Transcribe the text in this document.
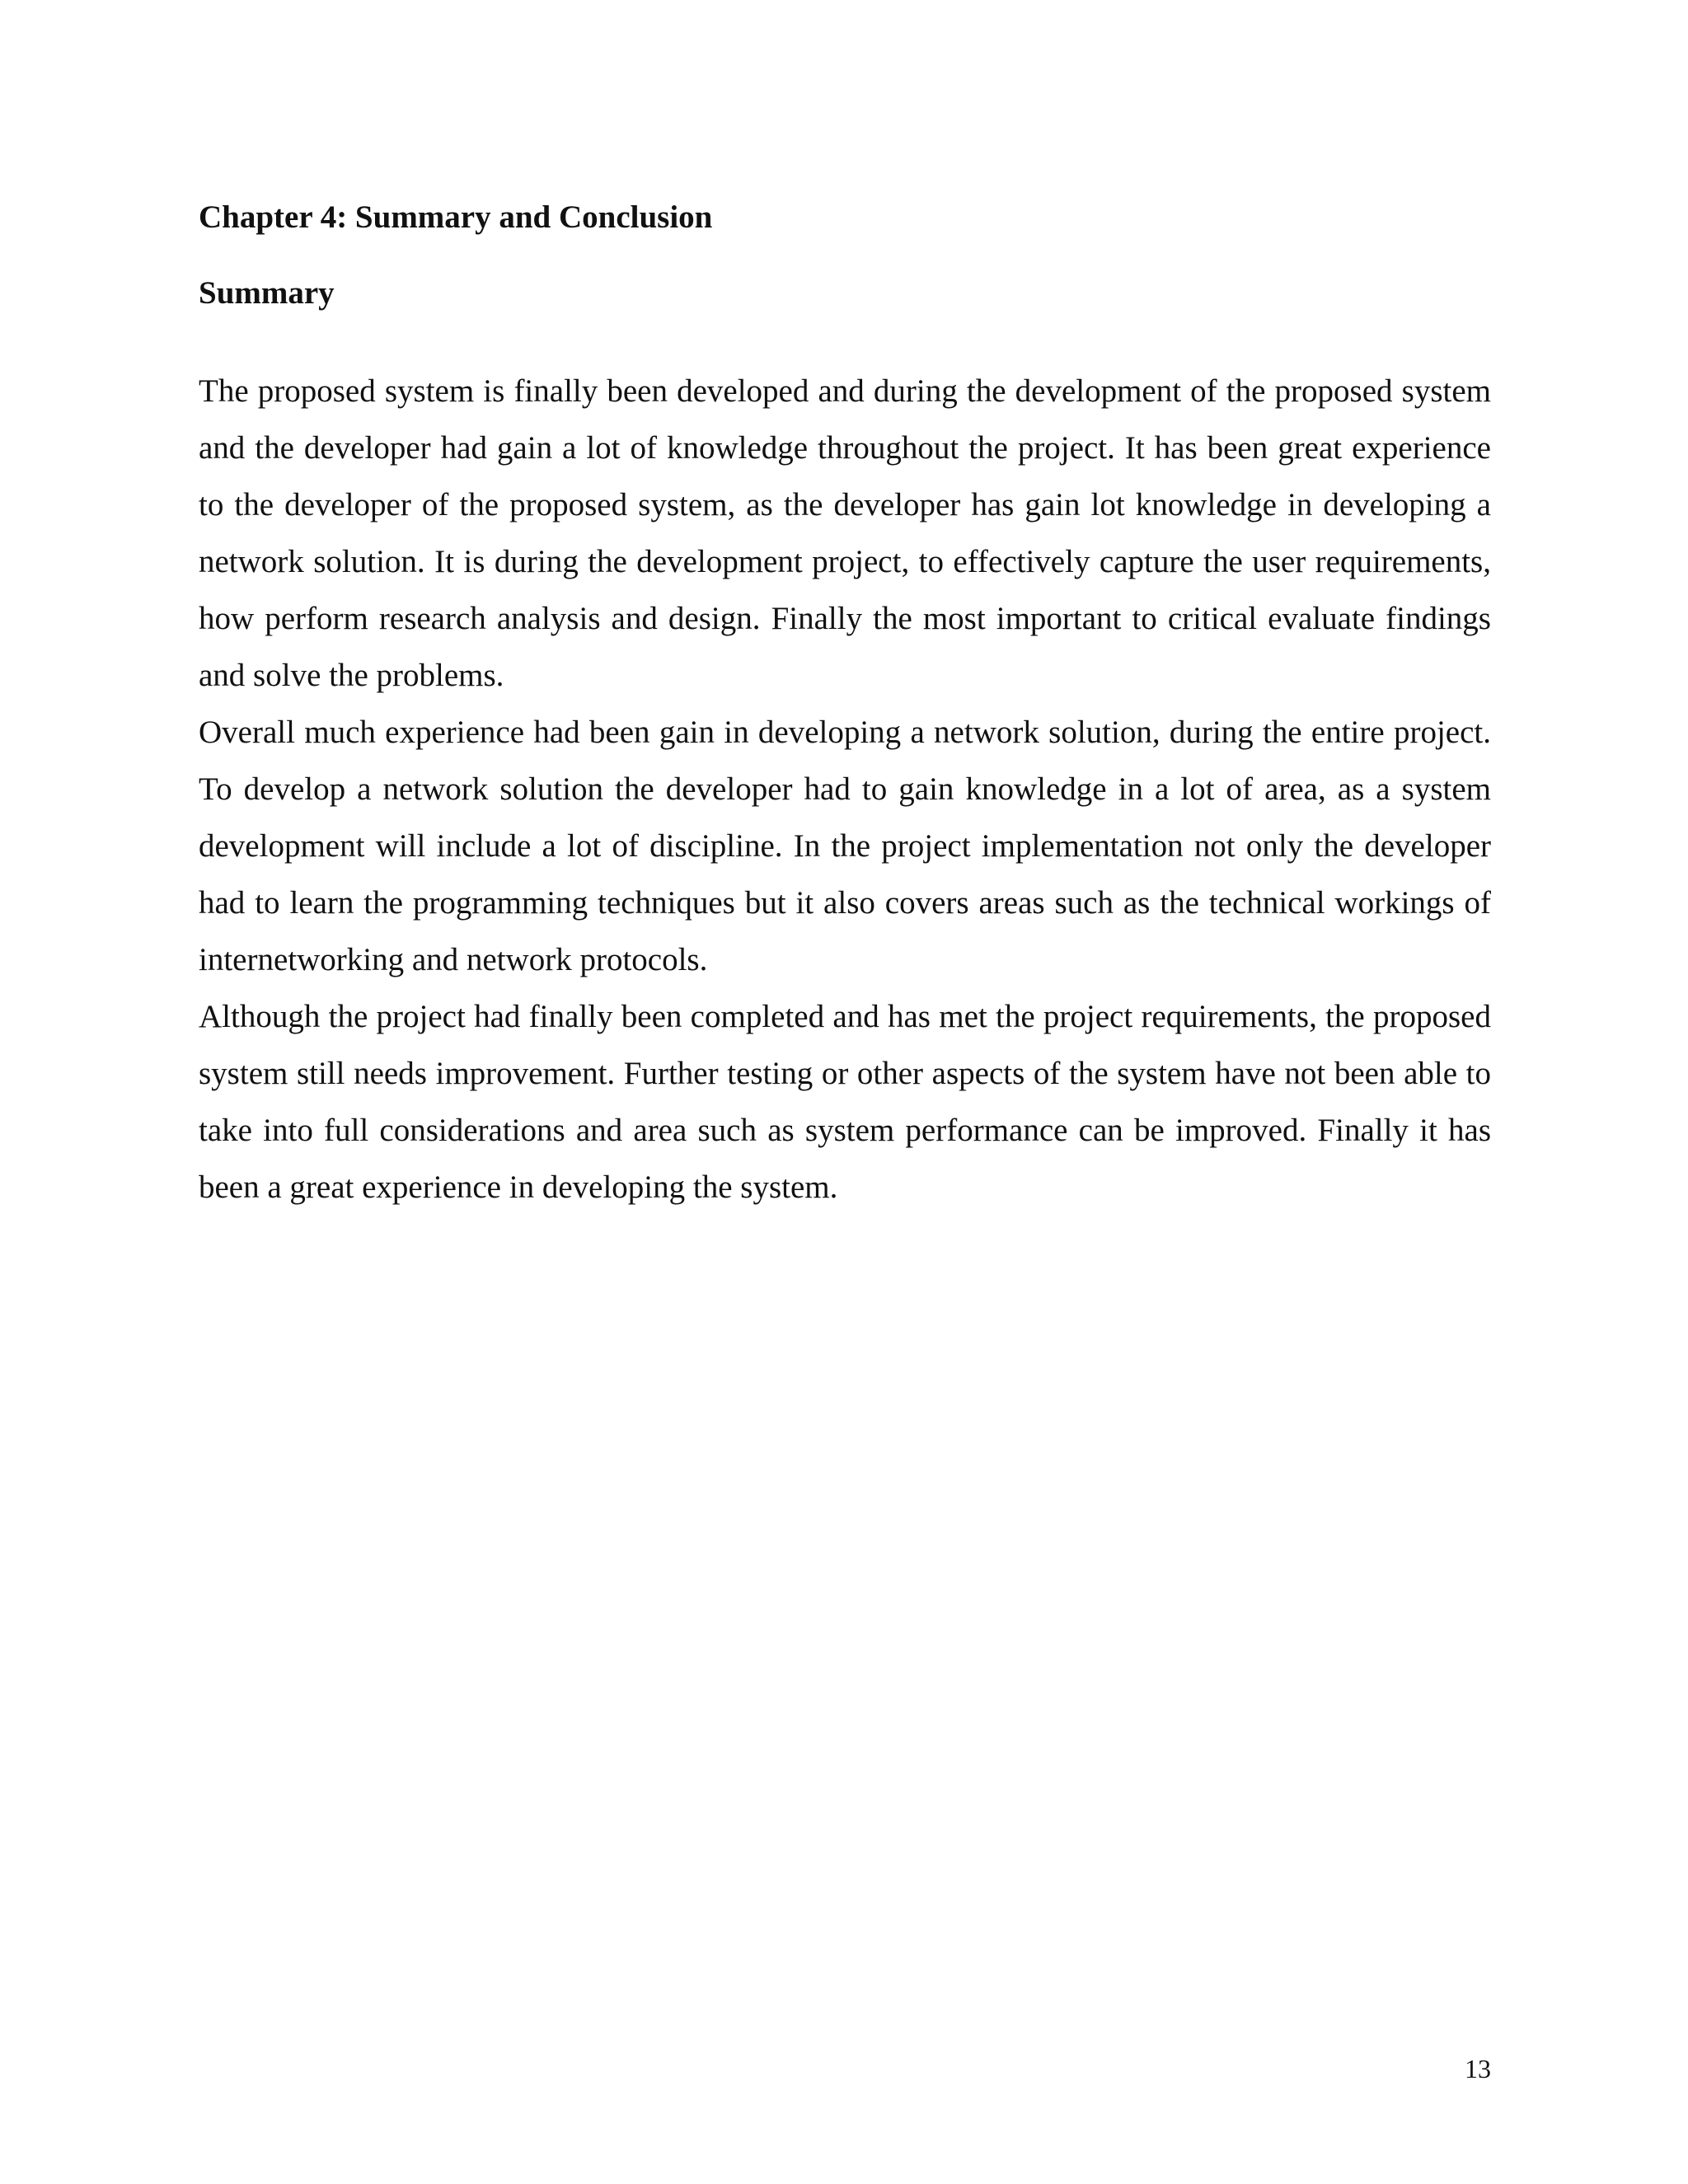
Chapter 4: Summary and Conclusion
Summary

The proposed system is finally been developed and during the development of the proposed system and the developer had gain a lot of knowledge throughout the project. It has been great experience to the developer of the proposed system, as the developer has gain lot knowledge in developing a network solution. It is during the development project, to effectively capture the user requirements, how perform research analysis and design. Finally the most important to critical evaluate findings and solve the problems.

Overall much experience had been gain in developing a network solution, during the entire project. To develop a network solution the developer had to gain knowledge in a lot of area, as a system development will include a lot of discipline. In the project implementation not only the developer had to learn the programming techniques but it also covers areas such as the technical workings of internetworking and network protocols.

Although the project had finally been completed and has met the project requirements, the proposed system still needs improvement. Further testing or other aspects of the system have not been able to take into full considerations and area such as system performance can be improved. Finally it has been a great experience in developing the system.

13
